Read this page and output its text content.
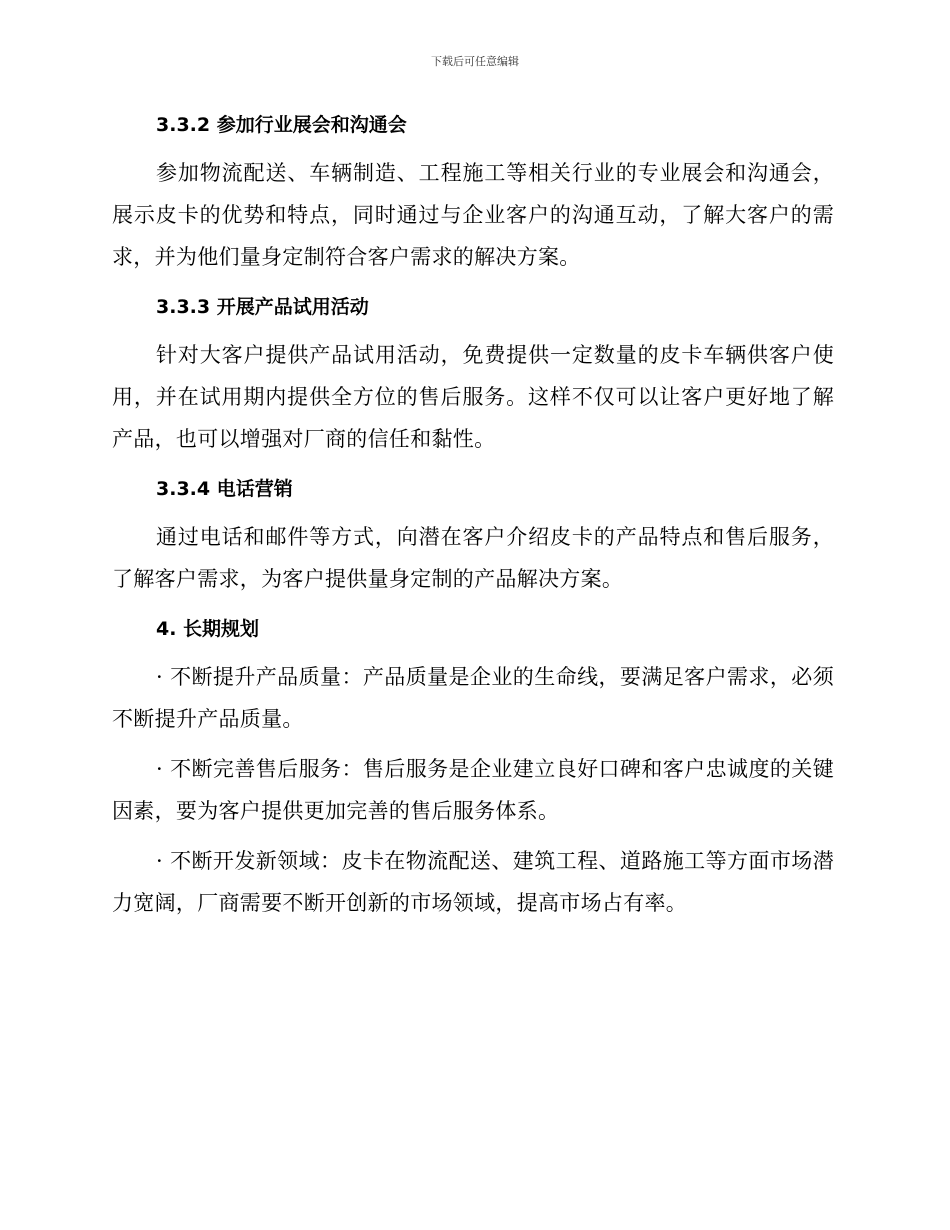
下载后可任意编辑
3.3.2 参加行业展会和沟通会

参加物流配送、车辆制造、工程施工等相关行业的专业展会和沟通会，展示皮卡的优势和特点，同时通过与企业客户的沟通互动，了解大客户的需求，并为他们量身定制符合客户需求的解决方案。

3.3.3 开展产品试用活动

针对大客户提供产品试用活动，免费提供一定数量的皮卡车辆供客户使用，并在试用期内提供全方位的售后服务。这样不仅可以让客户更好地了解产品，也可以增强对厂商的信任和黏性。

3.3.4 电话营销

通过电话和邮件等方式，向潜在客户介绍皮卡的产品特点和售后服务，了解客户需求，为客户提供量身定制的产品解决方案。

4. 长期规划

· 不断提升产品质量：产品质量是企业的生命线，要满足客户需求，必须不断提升产品质量。

· 不断完善售后服务：售后服务是企业建立良好口碑和客户忠诚度的关键因素，要为客户提供更加完善的售后服务体系。

· 不断开发新领域：皮卡在物流配送、建筑工程、道路施工等方面市场潜力宽阔，厂商需要不断开创新的市场领域，提高市场占有率。
